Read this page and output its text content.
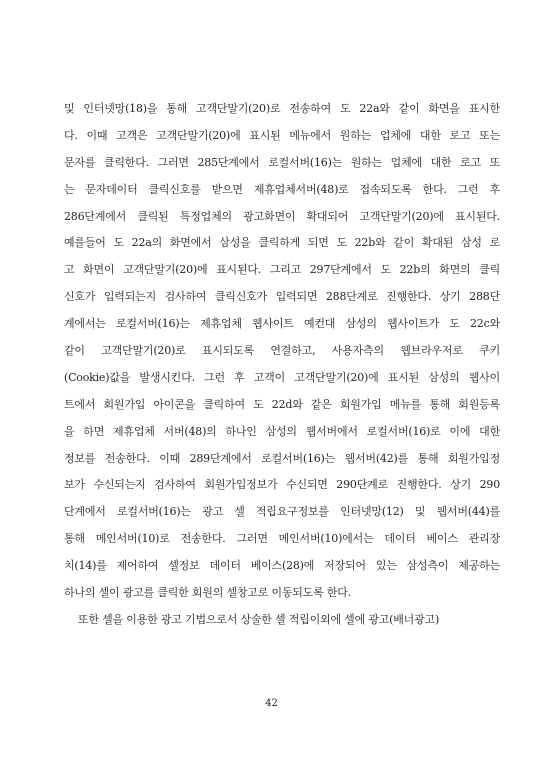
및 인터넷망(18)을 통해 고객단말기(20)로 전송하여 도 22a와 같이 화면을 표시한
다. 이때 고객은 고객단말기(20)에 표시된 메뉴에서 원하는 업체에 대한 로고 또는
문자를 클릭한다. 그러면 285단계에서 로컬서버(16)는 원하는 업체에 대한 로고 또
는 문자데이터 클릭신호를 받으면 제휴업체서버(48)로 접속되도록 한다. 그런 후
286단계에서 클릭된 특정업체의 광고화면이 확대되어 고객단말기(20)에 표시된다.
예를들어 도 22a의 화면에서 삼성을 클릭하게 되면 도 22b와 같이 확대된 삼성 로
고 화면이 고객단말기(20)에 표시된다. 그리고 297단계에서 도 22b의 화면의 클릭
신호가 입력되는지 검사하여 클릭신호가 입력되면 288단계로 진행한다. 상기 288단
계에서는 로컬서버(16)는 제휴업체 웹사이트 예컨대 삼성의 웹사이트가 도 22c와
같이 고객단말기(20)로 표시되도록 연결하고, 사용자측의 웹브라우저로 쿠키
(Cookie)값을 발생시킨다. 그런 후 고객이 고객단말기(20)에 표시된 삼성의 웹사이
트에서 회원가입 아이콘을 클릭하여 도 22d와 같은 회원가입 메뉴를 통해 회원등록
을 하면 제휴업체 서버(48)의 하나인 삼성의 웹서버에서 로컬서버(16)로 이에 대한
정보를 전송한다. 이때 289단계에서 로컬서버(16)는 웹서버(42)를 통해 회원가입정
보가 수신되는지 검사하여 회원가입정보가 수신되면 290단계로 진행한다. 상기 290
단계에서 로컬서버(16)는 광고 셀 적립요구정보를 인터넷망(12) 및 웹서버(44)를
통해 메인서버(10)로 전송한다. 그러면 메인서버(10)에서는 데이터 베이스 관리장
치(14)를 제어하여 셀정보 데이터 베이스(28)에 저장되어 있는 삼성측이 제공하는
하나의 셀이 광고를 클릭한 회원의 셀창고로 이동되도록 한다.
또한 셀을 이용한 광고 기법으로서 상술한 셀 적립이외에 셀에 광고(배너광고)
42
